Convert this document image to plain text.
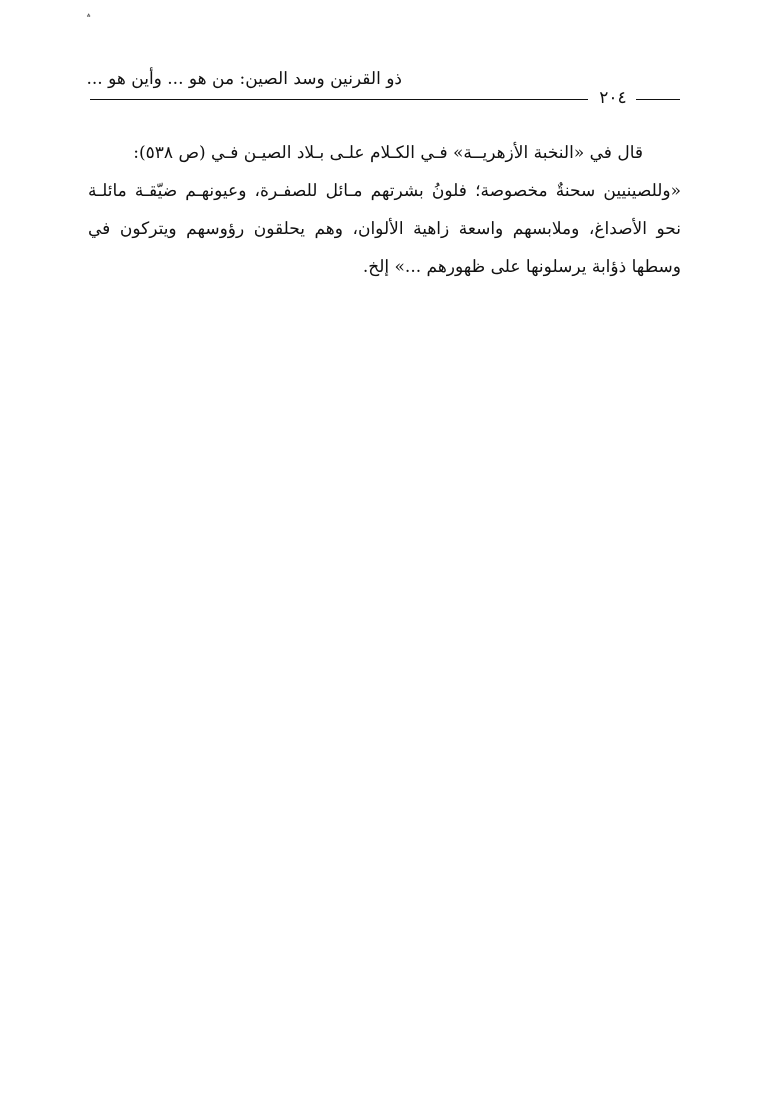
؞
٢٠٤
ذو القرنين وسد الصين: من هو ... وأين هو ...
قال في «النخبة الأزهريــة» فـي الكـلام علـى بـلاد الصيـن فـي (ص ٥٣٨):
«وللصينيين سحنةٌ مخصوصة؛ فلونُ بشرتهم مـائل للصفـرة، وعيونهـم ضيّقـة مائلـة
نحو الأصداغ، وملابسهم واسعة زاهية الألوان، وهم يحلقون رؤوسهم ويتركون في
وسطها ذؤابة يرسلونها على ظهورهم ...» إلخ.
